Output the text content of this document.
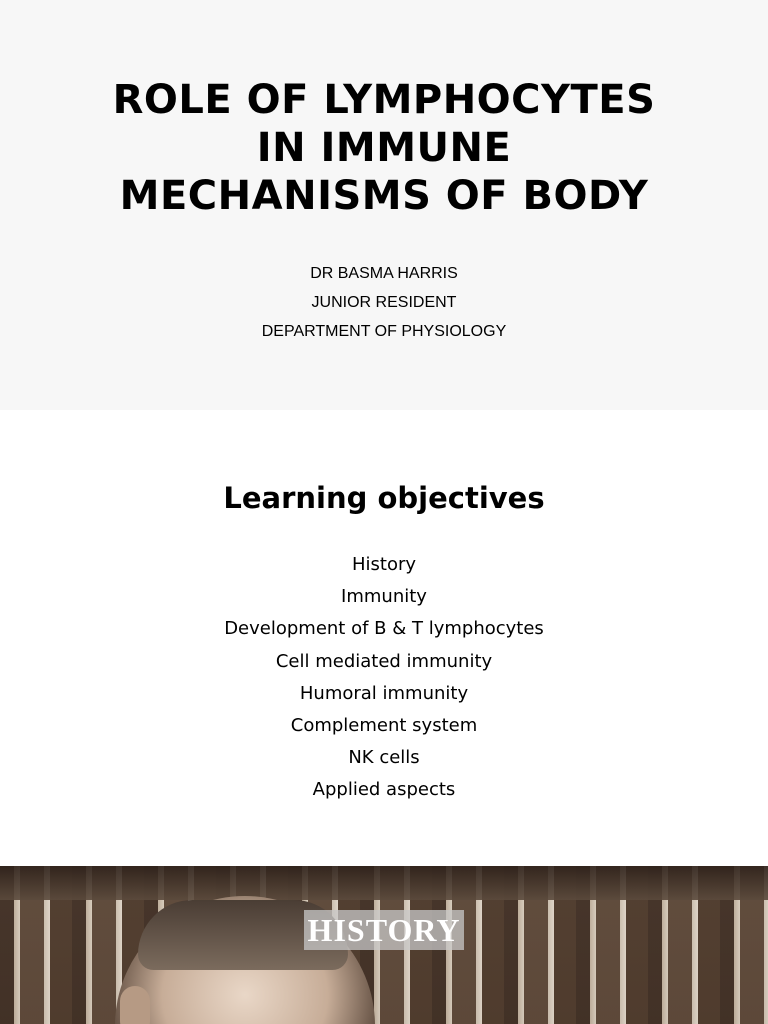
ROLE OF LYMPHOCYTES
IN IMMUNE
MECHANISMS OF BODY
DR BASMA HARRIS
JUNIOR RESIDENT
DEPARTMENT OF PHYSIOLOGY
Learning objectives
History
Immunity
Development of B & T lymphocytes
Cell mediated immunity
Humoral immunity
Complement system
NK cells
Applied aspects
HISTORY
